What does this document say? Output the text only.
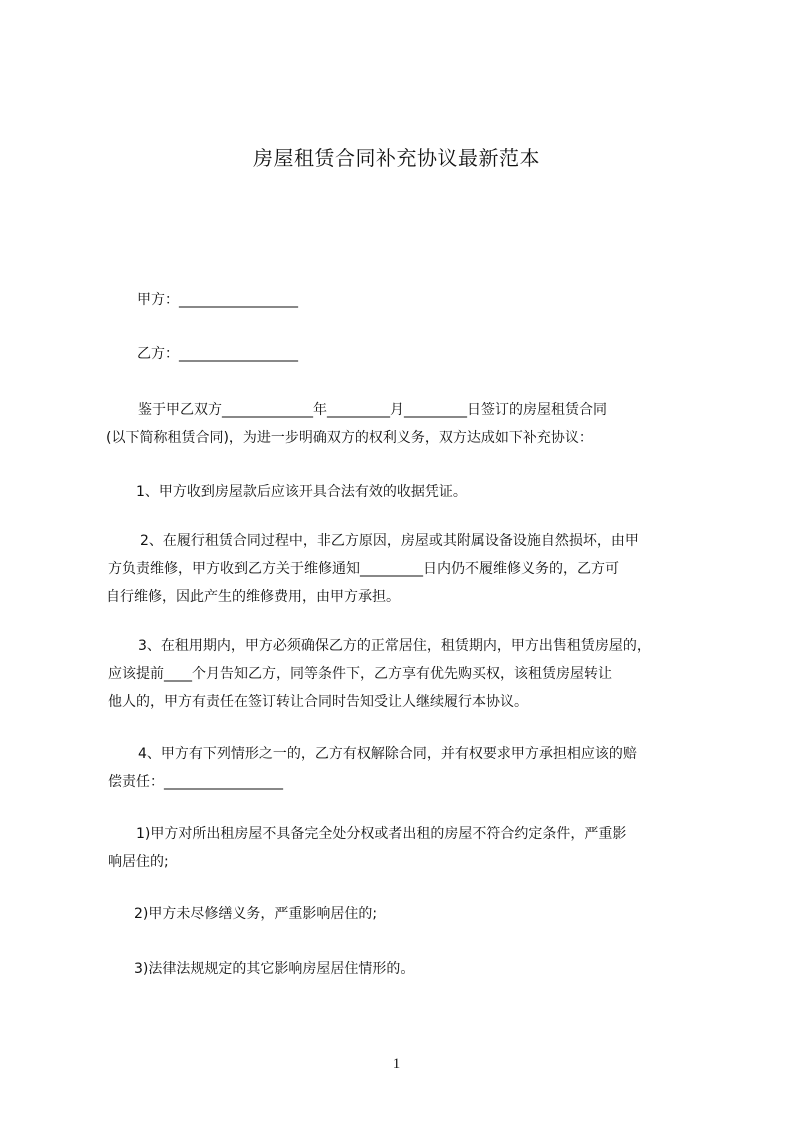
房屋租赁合同补充协议最新范本
甲方：_________________
乙方：_________________
鉴于甲乙双方_____________年_________月_________日签订的房屋租赁合同
(以下简称租赁合同)，为进一步明确双方的权利义务，双方达成如下补充协议：
1、甲方收到房屋款后应该开具合法有效的收据凭证。
2、在履行租赁合同过程中，非乙方原因，房屋或其附属设备设施自然损坏，由甲
方负责维修，甲方收到乙方关于维修通知_________日内仍不履维修义务的，乙方可
自行维修，因此产生的维修费用，由甲方承担。
3、在租用期内，甲方必须确保乙方的正常居住，租赁期内，甲方出售租赁房屋的，
应该提前____个月告知乙方，同等条件下，乙方享有优先购买权，该租赁房屋转让
他人的，甲方有责任在签订转让合同时告知受让人继续履行本协议。
4、甲方有下列情形之一的，乙方有权解除合同，并有权要求甲方承担相应该的赔
偿责任：_________________
1)甲方对所出租房屋不具备完全处分权或者出租的房屋不符合约定条件，严重影
响居住的;
2)甲方未尽修缮义务，严重影响居住的;
3)法律法规规定的其它影响房屋居住情形的。
1
